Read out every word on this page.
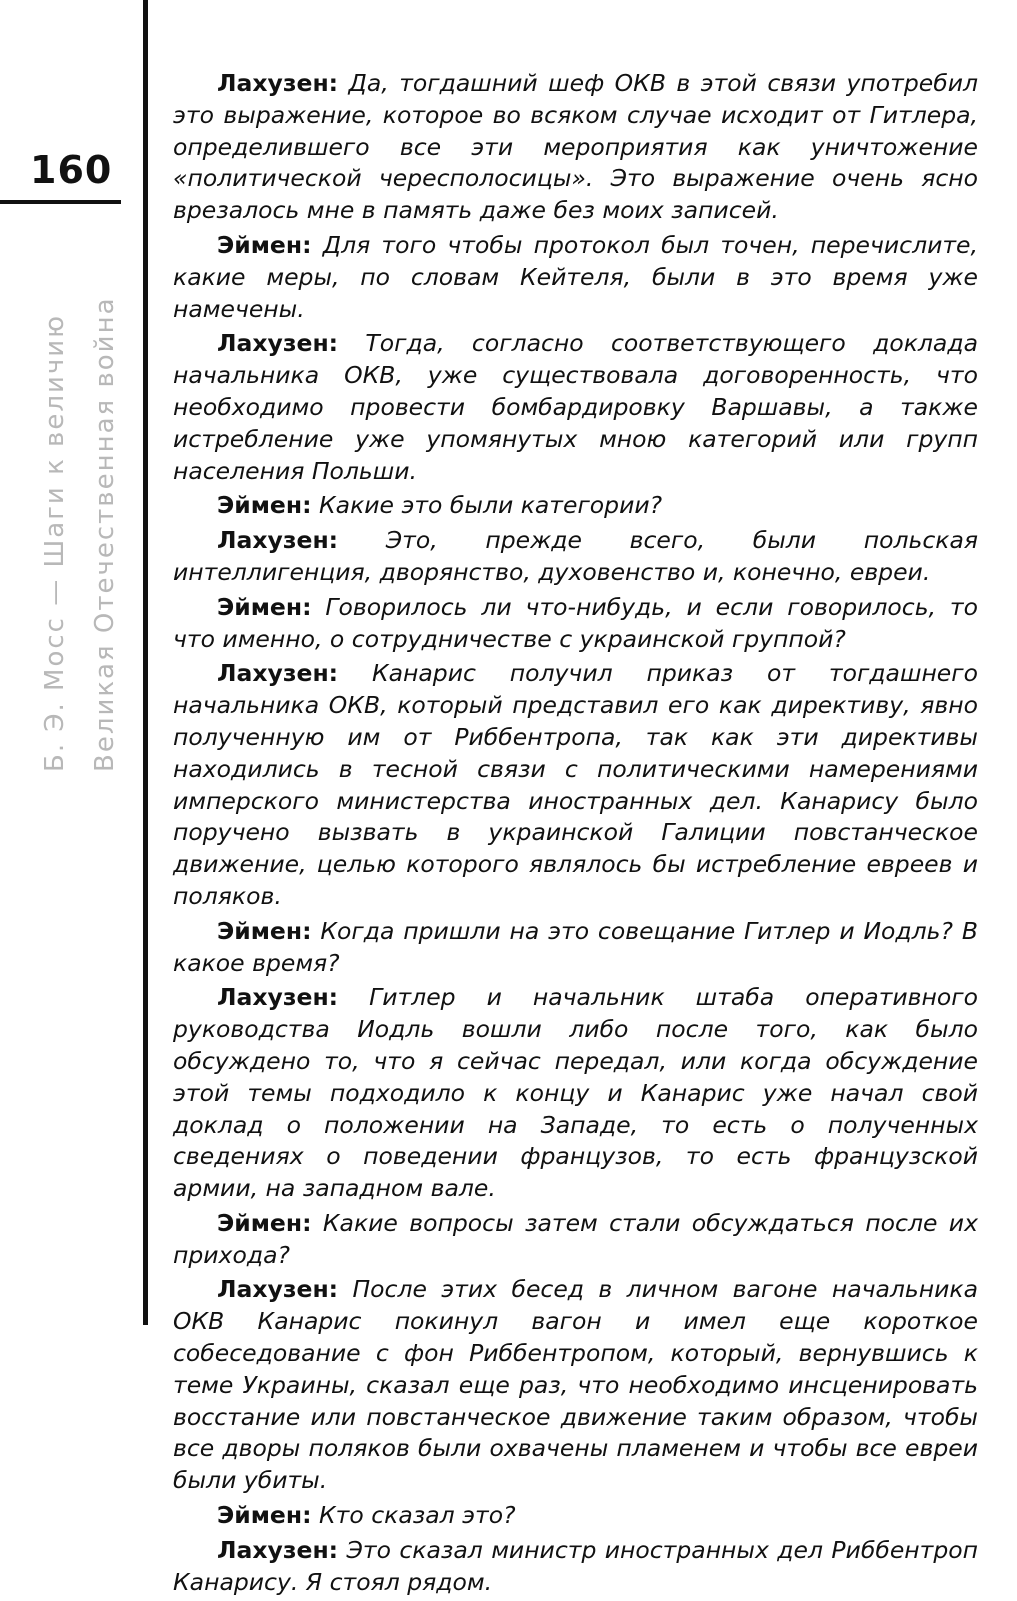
160
Б. Э. Мосс — Шаги к величию Великая Отечественная война

Лахузен: Да, тогдашний шеф ОКВ в этой связи употребил это выражение, которое во всяком случае исходит от Гитлера, определившего все эти мероприятия как уничтожение «политической чересполосицы». Это выражение очень ясно врезалось мне в память даже без моих записей.

Эймен: Для того чтобы протокол был точен, перечислите, какие меры, по словам Кейтеля, были в это время уже намечены.

Лахузен: Тогда, согласно соответствующего доклада начальника ОКВ, уже существовала договоренность, что необходимо провести бомбардировку Варшавы, а также истребление уже упомянутых мною категорий или групп населения Польши.

Эймен: Какие это были категории?

Лахузен: Это, прежде всего, были польская интеллигенция, дворянство, духовенство и, конечно, евреи.

Эймен: Говорилось ли что-нибудь, и если говорилось, то что именно, о сотрудничестве с украинской группой?

Лахузен: Канарис получил приказ от тогдашнего начальника ОКВ, который представил его как директиву, явно полученную им от Риббентропа, так как эти директивы находились в тесной связи с политическими намерениями имперского министерства иностранных дел. Канарису было поручено вызвать в украинской Галиции повстанческое движение, целью которого являлось бы истребление евреев и поляков.

Эймен: Когда пришли на это совещание Гитлер и Иодль? В какое время?

Лахузен: Гитлер и начальник штаба оперативного руководства Иодль вошли либо после того, как было обсуждено то, что я сейчас передал, или когда обсуждение этой темы подходило к концу и Канарис уже начал свой доклад о положении на Западе, то есть о полученных сведениях о поведении французов, то есть французской армии, на западном вале.

Эймен: Какие вопросы затем стали обсуждаться после их прихода?

Лахузен: После этих бесед в личном вагоне начальника ОКВ Канарис покинул вагон и имел еще короткое собеседование с фон Риббентропом, который, вернувшись к теме Украины, сказал еще раз, что необходимо инсценировать восстание или повстанческое движение таким образом, чтобы все дворы поляков были охвачены пламенем и чтобы все евреи были убиты.

Эймен: Кто сказал это?

Лахузен: Это сказал министр иностранных дел Риббентроп Канарису. Я стоял рядом.
